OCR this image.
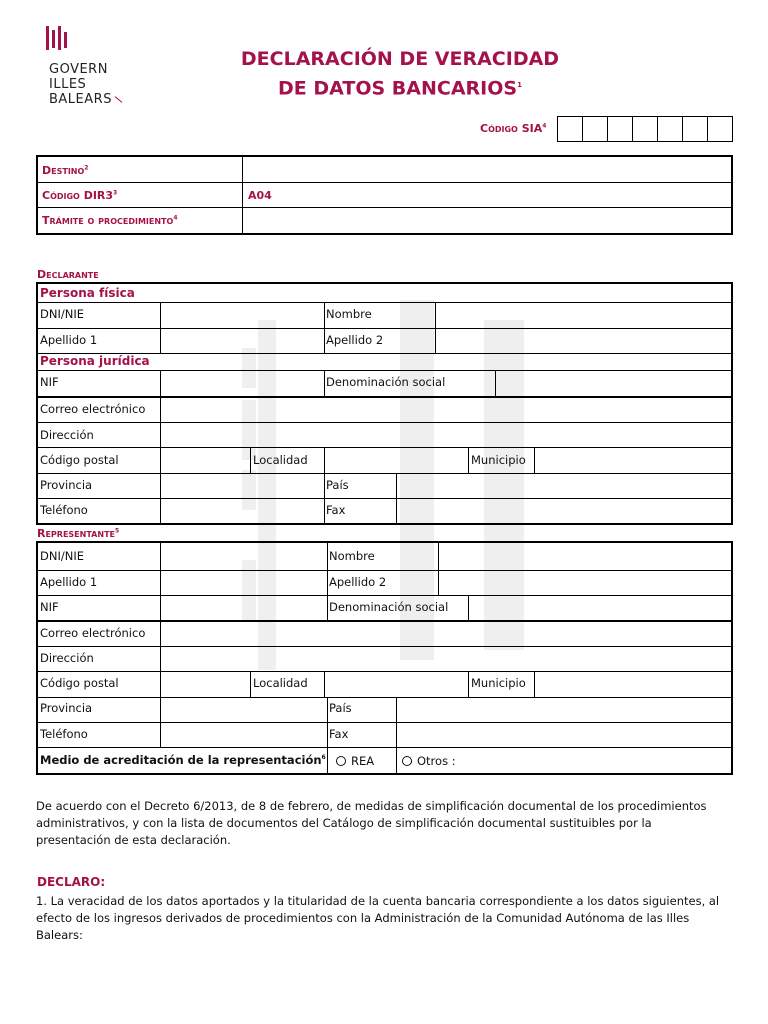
GOVERN
ILLES
BALEARS
DECLARACIÓN DE VERACIDAD
DE DATOS BANCARIOS$^1$
Código SIA$^4$
Destino$^2$
Código $DIR3^3$	A04
Trámite o procedimiento$^4$
Declarante
Persona física
DNI/NIE	Nombre
Apellido 1	Apellido 2
Persona jurídica
NIF	Denominación social
Correo electrónico
Dirección
Código postal	Localidad	Municipio
Provincia	País
Teléfono	Fax
Representante$^5$
DNI/NIE	Nombre
Apellido 1	Apellido 2
NIF	Denominación social
Correo electrónico
Dirección
Código postal	Localidad	Municipio
Provincia	País
Teléfono	Fax
Medio de acreditación de la representación$^6$	REA	Otros :
De acuerdo con el Decreto 6/2013, de 8 de febrero, de medidas de simplificación documental de los procedimientos administrativos, y con la lista de documentos del Catálogo de simplificación documental sustituibles por la presentación de esta declaración.
DECLARO:
1. La veracidad de los datos aportados y la titularidad de la cuenta bancaria correspondiente a los datos siguientes, al efecto de los ingresos derivados de procedimientos con la Administración de la Comunidad Autónoma de las Illes Balears:
